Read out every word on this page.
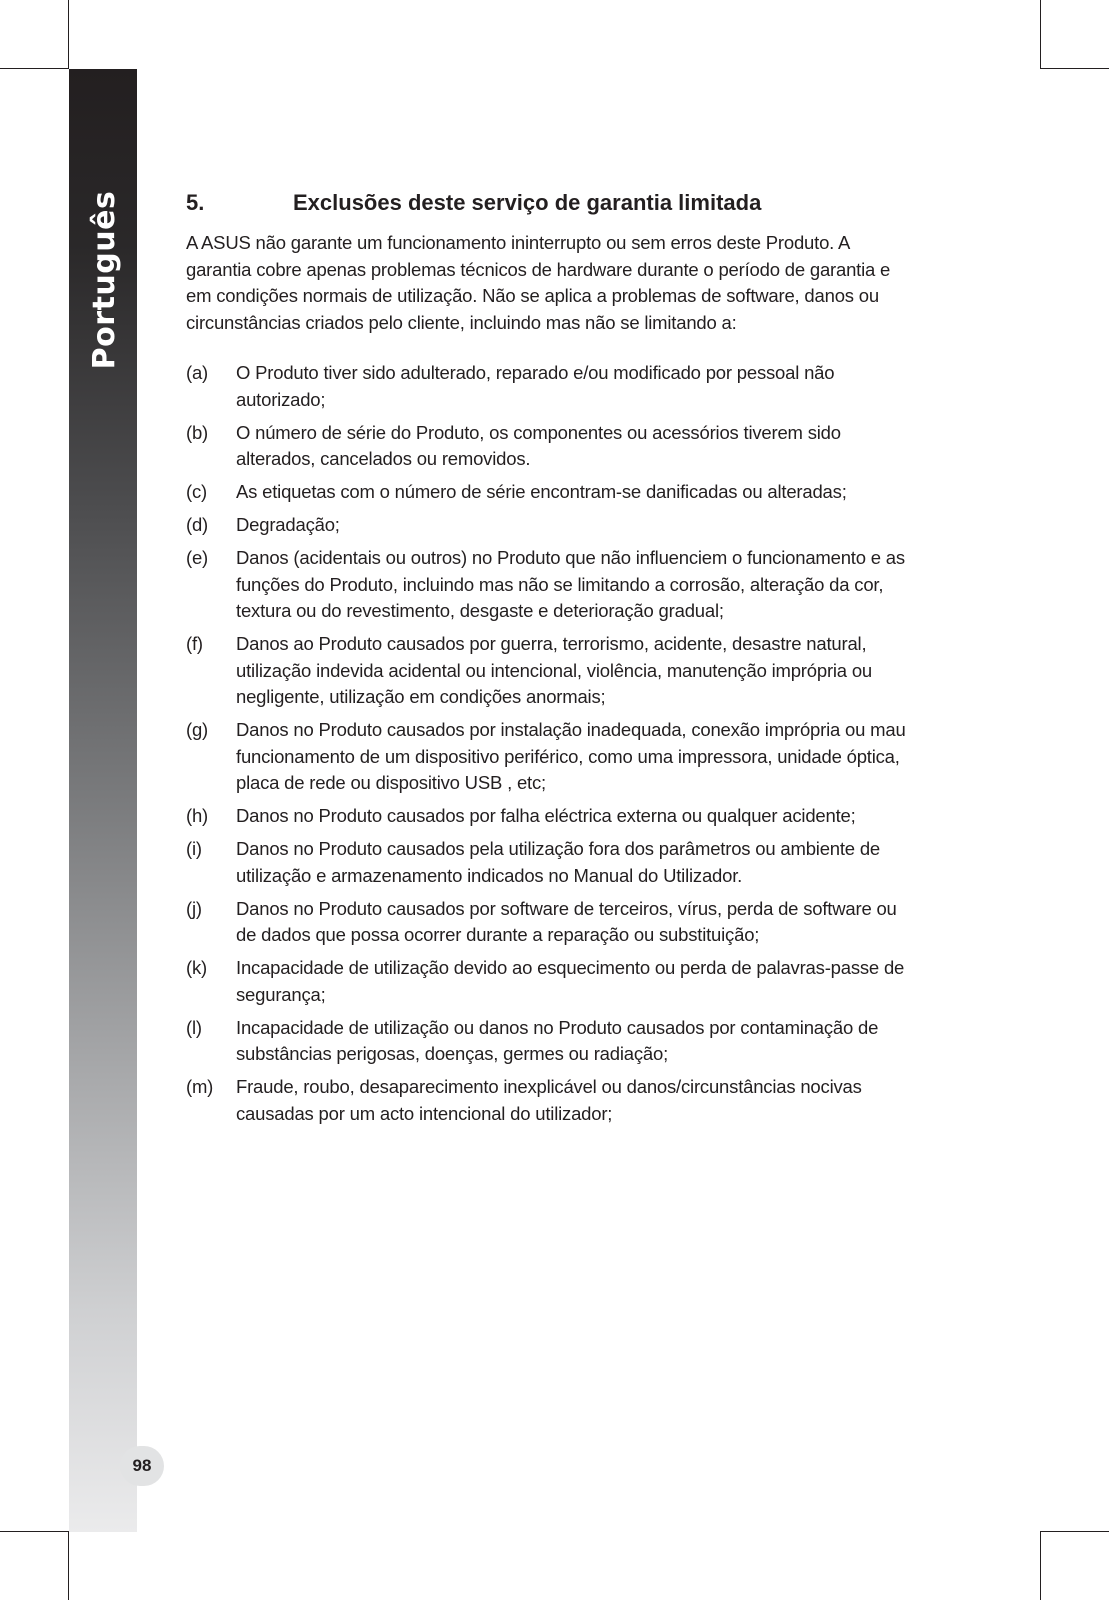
Português
98
5.	Exclusões deste serviço de garantia limitada

A ASUS não garante um funcionamento ininterrupto ou sem erros deste Produto. A garantia cobre apenas problemas técnicos de hardware durante o período de garantia e em condições normais de utilização. Não se aplica a problemas de software, danos ou circunstâncias criados pelo cliente, incluindo mas não se limitando a:

(a)	O Produto tiver sido adulterado, reparado e/ou modificado por pessoal não autorizado;
(b)	O número de série do Produto, os componentes ou acessórios tiverem sido alterados, cancelados ou removidos.
(c)	As etiquetas com o número de série encontram-se danificadas ou alteradas;
(d)	Degradação;
(e)	Danos (acidentais ou outros) no Produto que não influenciem o funcionamento e as funções do Produto, incluindo mas não se limitando a corrosão, alteração da cor, textura ou do revestimento, desgaste e deterioração gradual;
(f)	Danos ao Produto causados por guerra, terrorismo, acidente, desastre natural, utilização indevida acidental ou intencional, violência, manutenção imprópria ou negligente, utilização em condições anormais;
(g)	Danos no Produto causados por instalação inadequada, conexão imprópria ou mau funcionamento de um dispositivo periférico, como uma impressora, unidade óptica, placa de rede ou dispositivo USB , etc;
(h)	Danos no Produto causados por falha eléctrica externa ou qualquer acidente;
(i)	Danos no Produto causados pela utilização fora dos parâmetros ou ambiente de utilização e armazenamento indicados no Manual do Utilizador.
(j)	Danos no Produto causados por software de terceiros, vírus, perda de software ou de dados que possa ocorrer durante a reparação ou substituição;
(k)	Incapacidade de utilização devido ao esquecimento ou perda de palavras-passe de segurança;
(l)	Incapacidade de utilização ou danos no Produto causados por contaminação de substâncias perigosas, doenças, germes ou radiação;
(m)	Fraude, roubo, desaparecimento inexplicável ou danos/circunstâncias nocivas causadas por um acto intencional do utilizador;
